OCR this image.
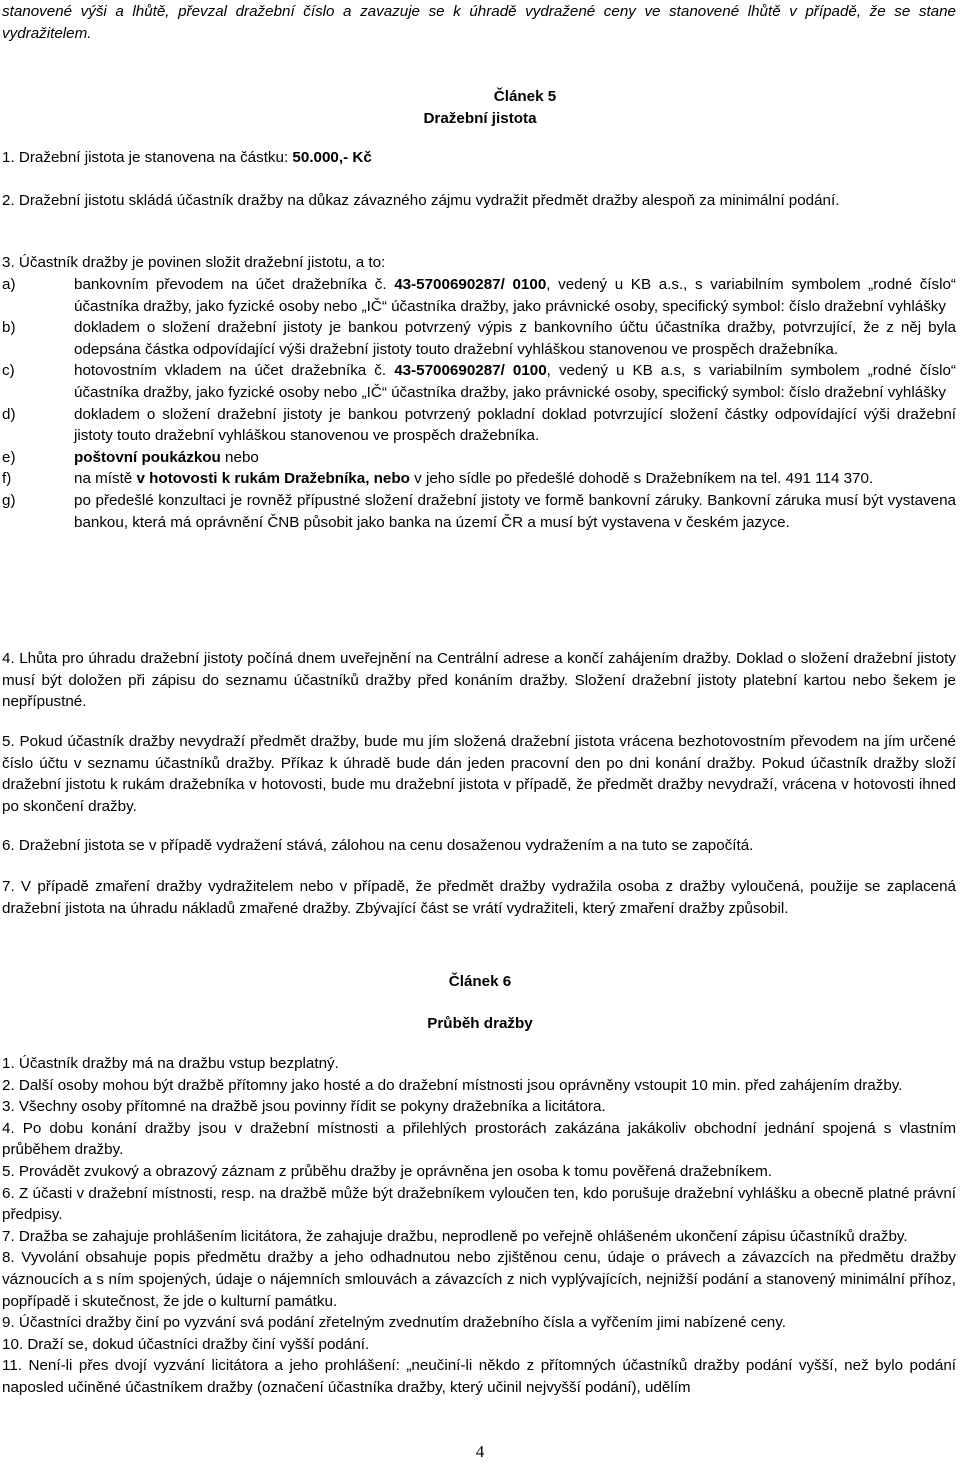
stanovené výši a lhůtě, převzal dražební číslo a zavazuje se k úhradě vydražené ceny ve stanovené lhůtě v případě, že se stane vydražitelem.
Článek 5
Dražební jistota
1. Dražební jistota je stanovena na částku: 50.000,- Kč
2. Dražební jistotu skládá účastník dražby na důkaz závazného zájmu vydražit předmět dražby alespoň za minimální podání.
3. Účastník dražby je povinen složit dražební jistotu, a to:
a)	bankovním převodem na účet dražebníka č. 43-5700690287/ 0100, vedený u KB a.s., s variabilním symbolem „rodné číslo“ účastníka dražby, jako fyzické osoby nebo „IČ“ účastníka dražby, jako právnické osoby, specifický symbol: číslo dražební vyhlášky
b)	dokladem o složení dražební jistoty je bankou potvrzený výpis z bankovního účtu účastníka dražby, potvrzující, že z něj byla odepsána částka odpovídající výši dražební jistoty touto dražební vyhláškou stanovenou ve prospěch dražebníka.
c)	hotovostním vkladem na účet dražebníka č. 43-5700690287/ 0100, vedený u KB a.s, s variabilním symbolem „rodné číslo“ účastníka dražby, jako fyzické osoby nebo „IČ“ účastníka dražby, jako právnické osoby, specifický symbol: číslo dražební vyhlášky
d)	dokladem o složení dražební jistoty je bankou potvrzený pokladní doklad potvrzující složení částky odpovídající výši dražební jistoty touto dražební vyhláškou stanovenou ve prospěch dražebníka.
e)	poštovní poukázkou nebo
f)	na místě v hotovosti k rukám Dražebníka, nebo v jeho sídle po předešlé dohodě s Dražebníkem na tel. 491 114 370.
g)	po předešlé konzultaci je rovněž přípustné složení dražební jistoty ve formě bankovní záruky. Bankovní záruka musí být vystavena bankou, která má oprávnění ČNB působit jako banka na území ČR a musí být vystavena v českém jazyce.
4. Lhůta pro úhradu dražební jistoty počíná dnem uveřejnění na Centrální adrese a končí zahájením dražby. Doklad o složení dražební jistoty musí být doložen při zápisu do seznamu účastníků dražby před konáním dražby. Složení dražební jistoty platební kartou nebo šekem je nepřípustné.
5. Pokud účastník dražby nevydraží předmět dražby, bude mu jím složená dražební jistota vrácena bezhotovostním převodem na jím určené číslo účtu v seznamu účastníků dražby. Příkaz k úhradě bude dán jeden pracovní den po dni konání dražby. Pokud účastník dražby složí dražební jistotu k rukám dražebníka v hotovosti, bude mu dražební jistota v případě, že předmět dražby nevydraží, vrácena v hotovosti ihned po skončení dražby.
6. Dražební jistota se v případě vydražení stává, zálohou na cenu dosaženou vydražením a na tuto se započítá.
7. V případě zmaření dražby vydražitelem nebo v případě, že předmět dražby vydražila osoba z dražby vyloučená, použije se zaplacená dražební jistota na úhradu nákladů zmařené dražby. Zbývající část se vrátí vydražiteli, který zmaření dražby způsobil.
Článek 6
Průběh dražby
1. Účastník dražby má na dražbu vstup bezplatný.
2. Další osoby mohou být dražbě přítomny jako hosté a do dražební místnosti jsou oprávněny vstoupit 10 min. před zahájením dražby.
3. Všechny osoby přítomné na dražbě jsou povinny řídit se pokyny dražebníka a licitátora.
4. Po dobu konání dražby jsou v dražební místnosti a přilehlých prostorách zakázána jakákoliv obchodní jednání spojená s vlastním průběhem dražby.
5. Provádět zvukový a obrazový záznam z průběhu dražby je oprávněna jen osoba k tomu pověřená dražebníkem.
6. Z účasti v dražební místnosti, resp. na dražbě může být dražebníkem vyloučen ten, kdo porušuje dražební vyhlášku a obecně platné právní předpisy.
7. Dražba se zahajuje prohlášením licitátora, že zahajuje dražbu, neprodleně po veřejně ohlášeném ukončení zápisu účastníků dražby.
8. Vyvolání obsahuje popis předmětu dražby a jeho odhadnutou nebo zjištěnou cenu, údaje o právech a závazcích na předmětu dražby váznoucích a s ním spojených, údaje o nájemních smlouvách a závazcích z nich vyplývajících, nejnižší podání a stanovený minimální příhoz, popřípadě i skutečnost, že jde o kulturní památku.
9. Účastníci dražby činí po vyzvání svá podání zřetelným zvednutím dražebního čísla a vyřčením jimi nabízené ceny.
10. Draží se, dokud účastníci dražby činí vyšší podání.
11. Není-li přes dvojí vyzvání licitátora a jeho prohlášení: „neučiní-li někdo z přítomných účastníků dražby podání vyšší, než bylo podání naposled učiněné účastníkem dražby (označení účastníka dražby, který učinil nejvyšší podání), udělím
4
